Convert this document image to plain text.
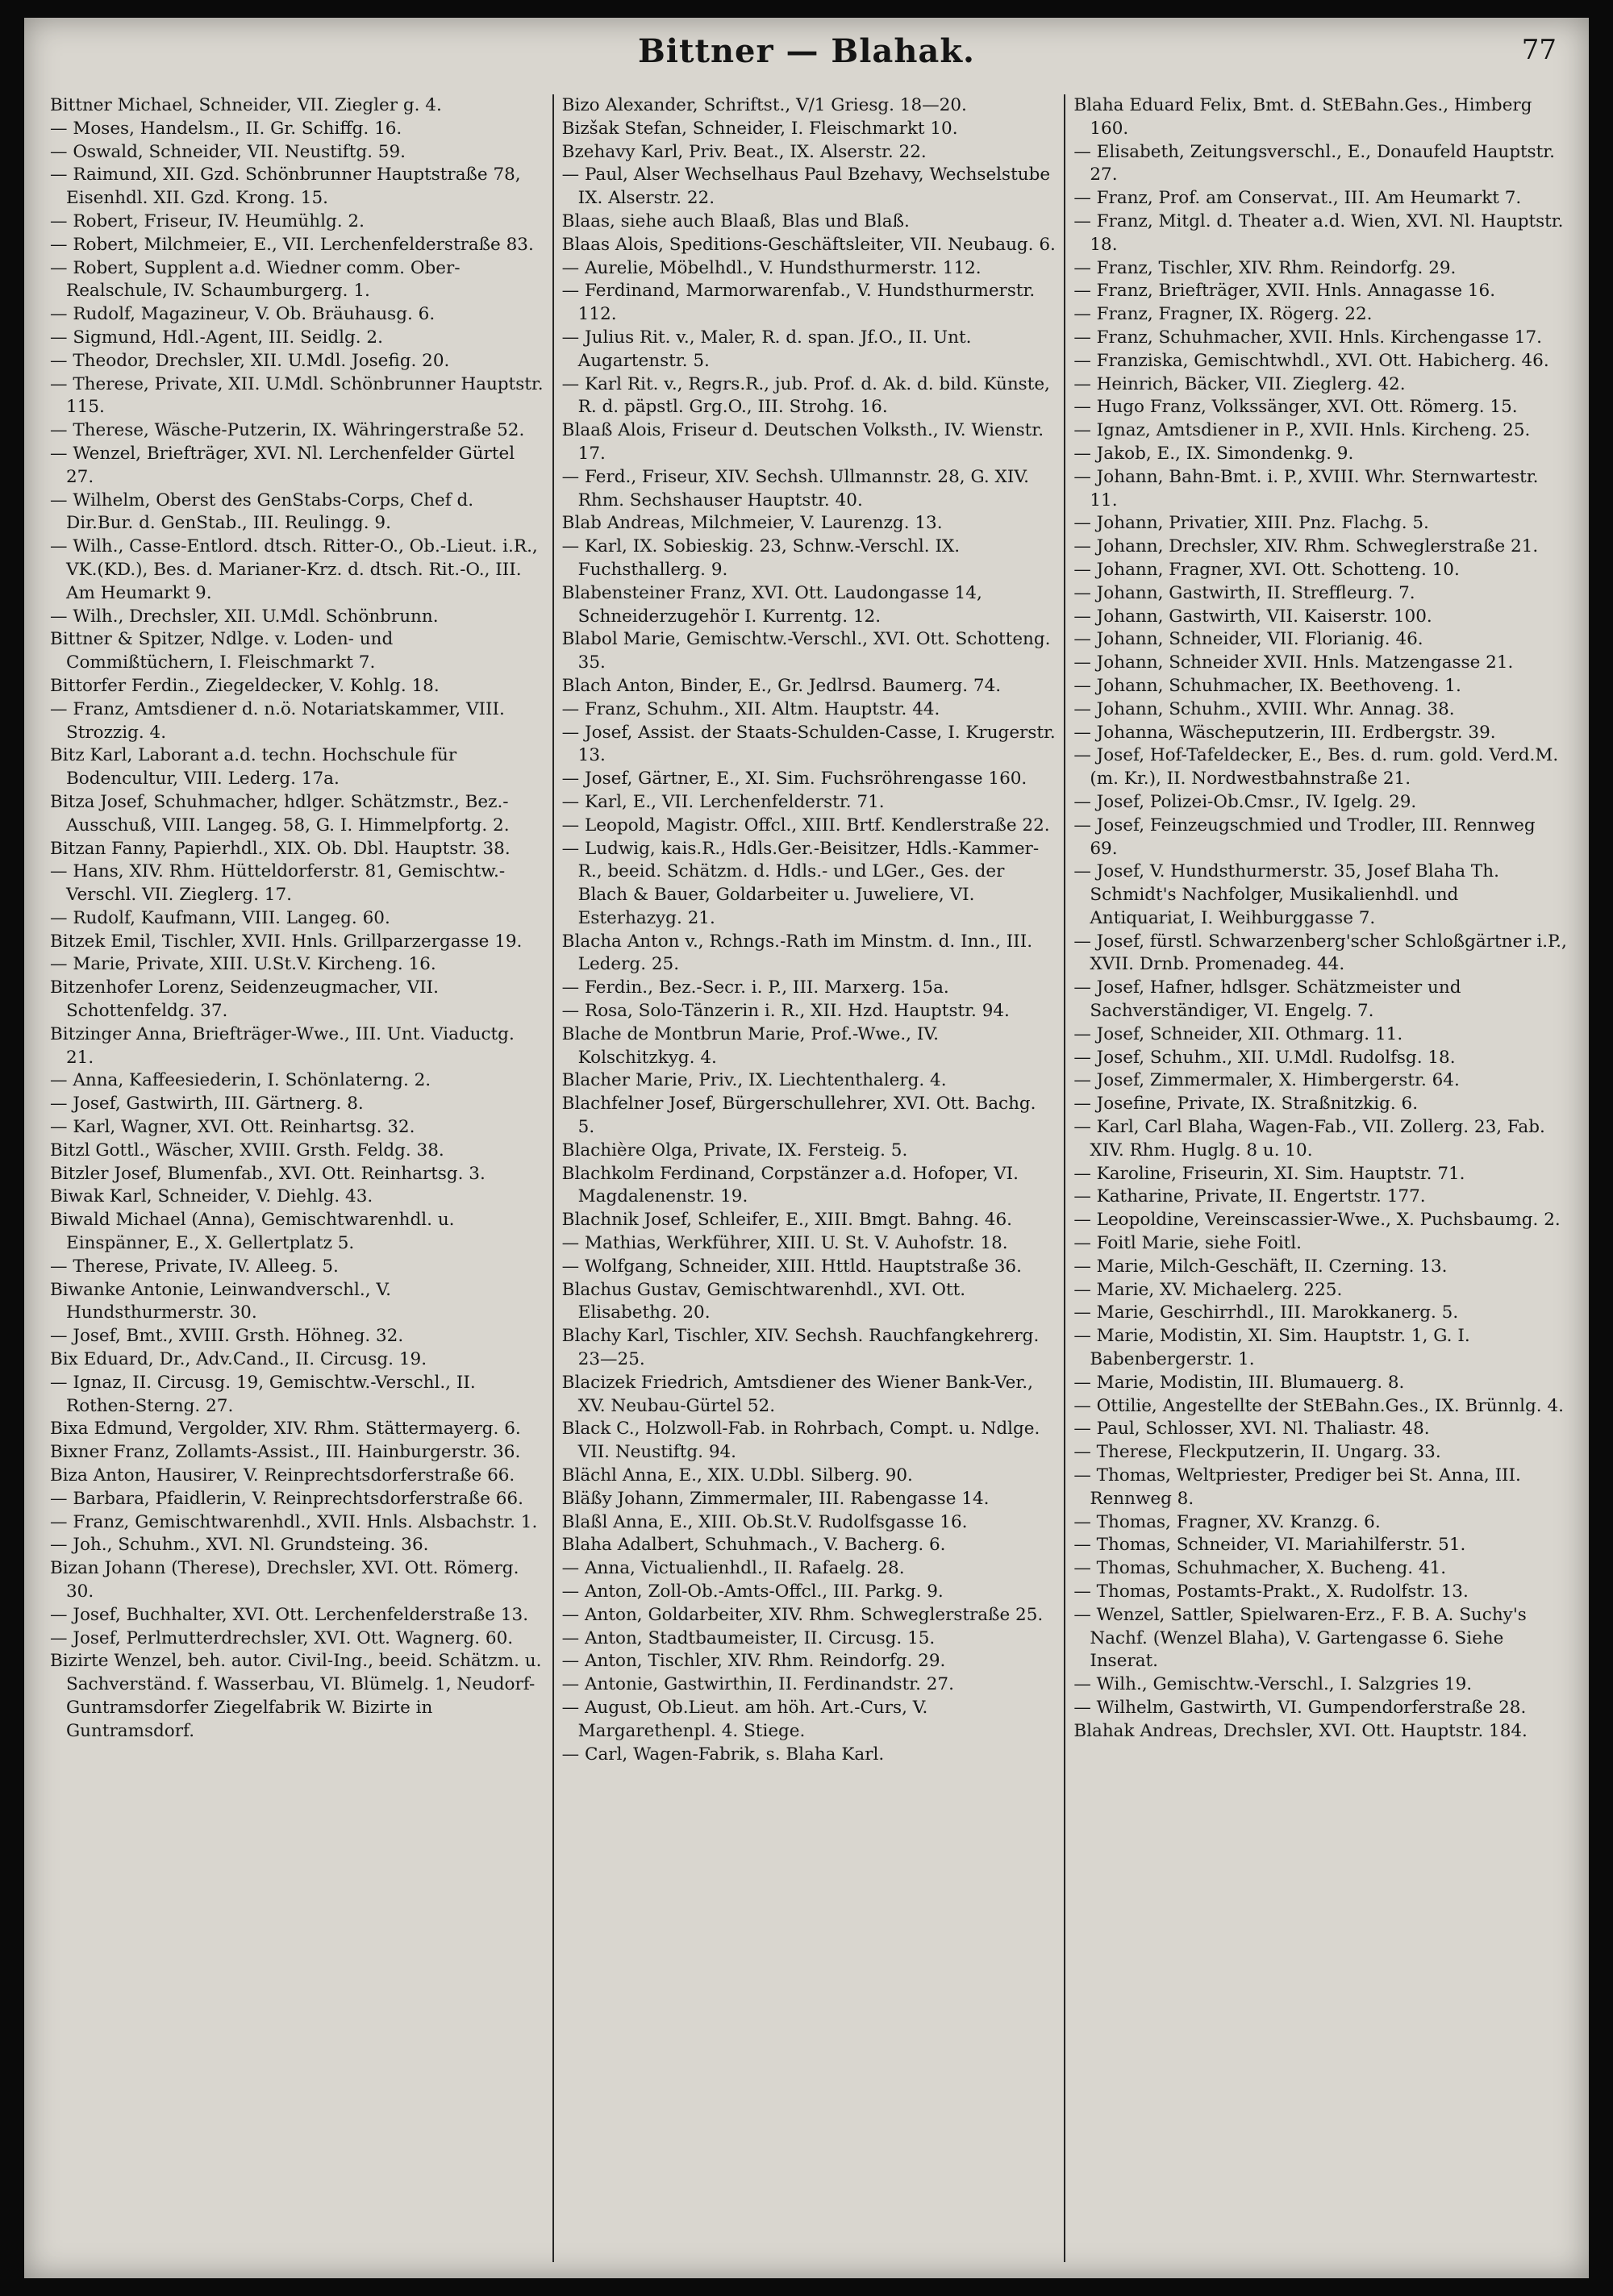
Bittner — Blahak.	77
Bittner Michael, Schneider, VII. Ziegler g. 4.
— Moses, Handelsm., II. Gr. Schiffg. 16.
— Oswald, Schneider, VII. Neustiftg. 59.
— Raimund, XII. Gzd. Schönbrunner Hauptstraße 78, Eisenhdl. XII. Gzd. Krong. 15.
— Robert, Friseur, IV. Heumühlg. 2.
— Robert, Milchmeier, E., VII. Lerchenfelderstraße 83.
— Robert, Supplent a.d. Wiedner comm. Ober-Realschule, IV. Schaumburgerg. 1.
— Rudolf, Magazineur, V. Ob. Bräuhausg. 6.
— Sigmund, Hdl.-Agent, III. Seidlg. 2.
— Theodor, Drechsler, XII. U.Mdl. Josefig. 20.
— Therese, Private, XII. U.Mdl. Schönbrunner Hauptstr. 115.
— Therese, Wäsche-Putzerin, IX. Währingerstraße 52.
— Wenzel, Briefträger, XVI. Nl. Lerchenfelder Gürtel 27.
— Wilhelm, Oberst des GenStabs-Corps, Chef d. Dir.Bur. d. GenStab., III. Reulingg. 9.
— Wilh., Casse-Entlord. dtsch. Ritter-O., Ob.-Lieut. i.R., VK.(KD.), Bes. d. Marianer-Krz. d. dtsch. Rit.-O., III. Am Heumarkt 9.
— Wilh., Drechsler, XII. U.Mdl. Schönbrunn.
Bittner & Spitzer, Ndlge. v. Loden- und Commißtüchern, I. Fleischmarkt 7.
Bittorfer Ferdin., Ziegeldecker, V. Kohlg. 18.
— Franz, Amtsdiener d. n.ö. Notariatskammer, VIII. Strozzig. 4.
Bitz Karl, Laborant a.d. techn. Hochschule für Bodencultur, VIII. Lederg. 17a.
Bitza Josef, Schuhmacher, hdlger. Schätzmstr., Bez.-Ausschuß, VIII. Langeg. 58, G. I. Himmelpfortg. 2.
Bitzan Fanny, Papierhdl., XIX. Ob. Dbl. Hauptstr. 38.
— Hans, XIV. Rhm. Hütteldorferstr. 81, Gemischtw.-Verschl. VII. Zieglerg. 17.
— Rudolf, Kaufmann, VIII. Langeg. 60.
Bitzek Emil, Tischler, XVII. Hnls. Grillparzergasse 19.
— Marie, Private, XIII. U.St.V. Kircheng. 16.
Bitzenhofer Lorenz, Seidenzeugmacher, VII. Schottenfeldg. 37.
Bitzinger Anna, Briefträger-Wwe., III. Unt. Viaductg. 21.
— Anna, Kaffeesiederin, I. Schönlaterng. 2.
— Josef, Gastwirth, III. Gärtnerg. 8.
— Karl, Wagner, XVI. Ott. Reinhartsg. 32.
Bitzl Gottl., Wäscher, XVIII. Grsth. Feldg. 38.
Bitzler Josef, Blumenfab., XVI. Ott. Reinhartsg. 3.
Biwak Karl, Schneider, V. Diehlg. 43.
Biwald Michael (Anna), Gemischtwarenhdl. u. Einspänner, E., X. Gellertplatz 5.
— Therese, Private, IV. Alleeg. 5.
Biwanke Antonie, Leinwandverschl., V. Hundsthurmerstr. 30.
— Josef, Bmt., XVIII. Grsth. Höhneg. 32.
Bix Eduard, Dr., Adv.Cand., II. Circusg. 19.
— Ignaz, II. Circusg. 19, Gemischtw.-Verschl., II. Rothen-Sterng. 27.
Bixa Edmund, Vergolder, XIV. Rhm. Stättermayerg. 6.
Bixner Franz, Zollamts-Assist., III. Hainburgerstr. 36.
Biza Anton, Hausirer, V. Reinprechtsdorferstraße 66.
— Barbara, Pfaidlerin, V. Reinprechtsdorferstraße 66.
— Franz, Gemischtwarenhdl., XVII. Hnls. Alsbachstr. 1.
— Joh., Schuhm., XVI. Nl. Grundsteing. 36.
Bizan Johann (Therese), Drechsler, XVI. Ott. Römerg. 30.
— Josef, Buchhalter, XVI. Ott. Lerchenfelderstraße 13.
— Josef, Perlmutterdrechsler, XVI. Ott. Wagnerg. 60.
Bizirte Wenzel, beh. autor. Civil-Ing., beeid. Schätzm. u. Sachverständ. f. Wasserbau, VI. Blümelg. 1, Neudorf-Guntramsdorfer Ziegelfabrik W. Bizirte in Guntramsdorf.
Bizo Alexander, Schriftst., V/1 Griesg. 18—20.
Bizšak Stefan, Schneider, I. Fleischmarkt 10.
Bzehavy Karl, Priv. Beat., IX. Alserstr. 22.
— Paul, Alser Wechselhaus Paul Bzehavy, Wechselstube IX. Alserstr. 22.
Blaas, siehe auch Blaaß, Blas und Blaß.
Blaas Alois, Speditions-Geschäftsleiter, VII. Neubaug. 6.
— Aurelie, Möbelhdl., V. Hundsthurmerstr. 112.
— Ferdinand, Marmorwarenfab., V. Hundsthurmerstr. 112.
— Julius Rit. v., Maler, R. d. span. Jf.O., II. Unt. Augartenstr. 5.
— Karl Rit. v., Regrs.R., jub. Prof. d. Ak. d. bild. Künste, R. d. päpstl. Grg.O., III. Strohg. 16.
Blaaß Alois, Friseur d. Deutschen Volksth., IV. Wienstr. 17.
— Ferd., Friseur, XIV. Sechsh. Ullmannstr. 28, G. XIV. Rhm. Sechshauser Hauptstr. 40.
Blab Andreas, Milchmeier, V. Laurenzg. 13.
— Karl, IX. Sobieskig. 23, Schnw.-Verschl. IX. Fuchsthallerg. 9.
Blabensteiner Franz, XVI. Ott. Laudongasse 14, Schneiderzugehör I. Kurrentg. 12.
Blabol Marie, Gemischtw.-Verschl., XVI. Ott. Schotteng. 35.
Blach Anton, Binder, E., Gr. Jedlrsd. Baumerg. 74.
— Franz, Schuhm., XII. Altm. Hauptstr. 44.
— Josef, Assist. der Staats-Schulden-Casse, I. Krugerstr. 13.
— Josef, Gärtner, E., XI. Sim. Fuchsröhrengasse 160.
— Karl, E., VII. Lerchenfelderstr. 71.
— Leopold, Magistr. Offcl., XIII. Brtf. Kendlerstraße 22.
— Ludwig, kais.R., Hdls.Ger.-Beisitzer, Hdls.-Kammer-R., beeid. Schätzm. d. Hdls.- und LGer., Ges. der Blach & Bauer, Goldarbeiter u. Juweliere, VI. Esterhazyg. 21.
Blacha Anton v., Rchngs.-Rath im Minstm. d. Inn., III. Lederg. 25.
— Ferdin., Bez.-Secr. i. P., III. Marxerg. 15a.
— Rosa, Solo-Tänzerin i. R., XII. Hzd. Hauptstr. 94.
Blache de Montbrun Marie, Prof.-Wwe., IV. Kolschitzkyg. 4.
Blacher Marie, Priv., IX. Liechtenthalerg. 4.
Blachfelner Josef, Bürgerschullehrer, XVI. Ott. Bachg. 5.
Blachière Olga, Private, IX. Fersteig. 5.
Blachkolm Ferdinand, Corpstänzer a.d. Hofoper, VI. Magdalenenstr. 19.
Blachnik Josef, Schleifer, E., XIII. Bmgt. Bahng. 46.
— Mathias, Werkführer, XIII. U. St. V. Auhofstr. 18.
— Wolfgang, Schneider, XIII. Httld. Hauptstraße 36.
Blachus Gustav, Gemischtwarenhdl., XVI. Ott. Elisabethg. 20.
Blachy Karl, Tischler, XIV. Sechsh. Rauchfangkehrerg. 23—25.
Blacizek Friedrich, Amtsdiener des Wiener Bank-Ver., XV. Neubau-Gürtel 52.
Black C., Holzwoll-Fab. in Rohrbach, Compt. u. Ndlge. VII. Neustiftg. 94.
Blächl Anna, E., XIX. U.Dbl. Silberg. 90.
Bläßy Johann, Zimmermaler, III. Rabengasse 14.
Blaßl Anna, E., XIII. Ob.St.V. Rudolfsgasse 16.
Blaha Adalbert, Schuhmach., V. Bacherg. 6.
— Anna, Victualienhdl., II. Rafaelg. 28.
— Anton, Zoll-Ob.-Amts-Offcl., III. Parkg. 9.
— Anton, Goldarbeiter, XIV. Rhm. Schweglerstraße 25.
— Anton, Stadtbaumeister, II. Circusg. 15.
— Anton, Tischler, XIV. Rhm. Reindorfg. 29.
— Antonie, Gastwirthin, II. Ferdinandstr. 27.
— August, Ob.Lieut. am höh. Art.-Curs, V. Margarethenpl. 4. Stiege.
— Carl, Wagen-Fabrik, s. Blaha Karl.
Blaha Eduard Felix, Bmt. d. StEBahn.Ges., Himberg 160.
— Elisabeth, Zeitungsverschl., E., Donaufeld Hauptstr. 27.
— Franz, Prof. am Conservat., III. Am Heumarkt 7.
— Franz, Mitgl. d. Theater a.d. Wien, XVI. Nl. Hauptstr. 18.
— Franz, Tischler, XIV. Rhm. Reindorfg. 29.
— Franz, Briefträger, XVII. Hnls. Annagasse 16.
— Franz, Fragner, IX. Rögerg. 22.
— Franz, Schuhmacher, XVII. Hnls. Kirchengasse 17.
— Franziska, Gemischtwhdl., XVI. Ott. Habicherg. 46.
— Heinrich, Bäcker, VII. Zieglerg. 42.
— Hugo Franz, Volkssänger, XVI. Ott. Römerg. 15.
— Ignaz, Amtsdiener in P., XVII. Hnls. Kircheng. 25.
— Jakob, E., IX. Simondenkg. 9.
— Johann, Bahn-Bmt. i. P., XVIII. Whr. Sternwartestr. 11.
— Johann, Privatier, XIII. Pnz. Flachg. 5.
— Johann, Drechsler, XIV. Rhm. Schweglerstraße 21.
— Johann, Fragner, XVI. Ott. Schotteng. 10.
— Johann, Gastwirth, II. Streffleurg. 7.
— Johann, Gastwirth, VII. Kaiserstr. 100.
— Johann, Schneider, VII. Florianig. 46.
— Johann, Schneider XVII. Hnls. Matzengasse 21.
— Johann, Schuhmacher, IX. Beethoveng. 1.
— Johann, Schuhm., XVIII. Whr. Annag. 38.
— Johanna, Wäscheputzerin, III. Erdbergstr. 39.
— Josef, Hof-Tafeldecker, E., Bes. d. rum. gold. Verd.M. (m. Kr.), II. Nordwestbahnstraße 21.
— Josef, Polizei-Ob.Cmsr., IV. Igelg. 29.
— Josef, Feinzeugschmied und Trodler, III. Rennweg 69.
— Josef, V. Hundsthurmerstr. 35, Josef Blaha Th. Schmidt's Nachfolger, Musikalienhdl. und Antiquariat, I. Weihburggasse 7.
— Josef, fürstl. Schwarzenberg'scher Schloßgärtner i.P., XVII. Drnb. Promenadeg. 44.
— Josef, Hafner, hdlsger. Schätzmeister und Sachverständiger, VI. Engelg. 7.
— Josef, Schneider, XII. Othmarg. 11.
— Josef, Schuhm., XII. U.Mdl. Rudolfsg. 18.
— Josef, Zimmermaler, X. Himbergerstr. 64.
— Josefine, Private, IX. Straßnitzkig. 6.
— Karl, Carl Blaha, Wagen-Fab., VII. Zollerg. 23, Fab. XIV. Rhm. Huglg. 8 u. 10.
— Karoline, Friseurin, XI. Sim. Hauptstr. 71.
— Katharine, Private, II. Engertstr. 177.
— Leopoldine, Vereinscassier-Wwe., X. Puchsbaumg. 2.
— Foitl Marie, siehe Foitl.
— Marie, Milch-Geschäft, II. Czerning. 13.
— Marie, XV. Michaelerg. 225.
— Marie, Geschirrhdl., III. Marokkanerg. 5.
— Marie, Modistin, XI. Sim. Hauptstr. 1, G. I. Babenbergerstr. 1.
— Marie, Modistin, III. Blumauerg. 8.
— Ottilie, Angestellte der StEBahn.Ges., IX. Brünnlg. 4.
— Paul, Schlosser, XVI. Nl. Thaliastr. 48.
— Therese, Fleckputzerin, II. Ungarg. 33.
— Thomas, Weltpriester, Prediger bei St. Anna, III. Rennweg 8.
— Thomas, Fragner, XV. Kranzg. 6.
— Thomas, Schneider, VI. Mariahilferstr. 51.
— Thomas, Schuhmacher, X. Bucheng. 41.
— Thomas, Postamts-Prakt., X. Rudolfstr. 13.
— Wenzel, Sattler, Spielwaren-Erz., F. B. A. Suchy's Nachf. (Wenzel Blaha), V. Gartengasse 6. Siehe Inserat.
— Wilh., Gemischtw.-Verschl., I. Salzgries 19.
— Wilhelm, Gastwirth, VI. Gumpendorferstraße 28.
Blahak Andreas, Drechsler, XVI. Ott. Hauptstr. 184.
